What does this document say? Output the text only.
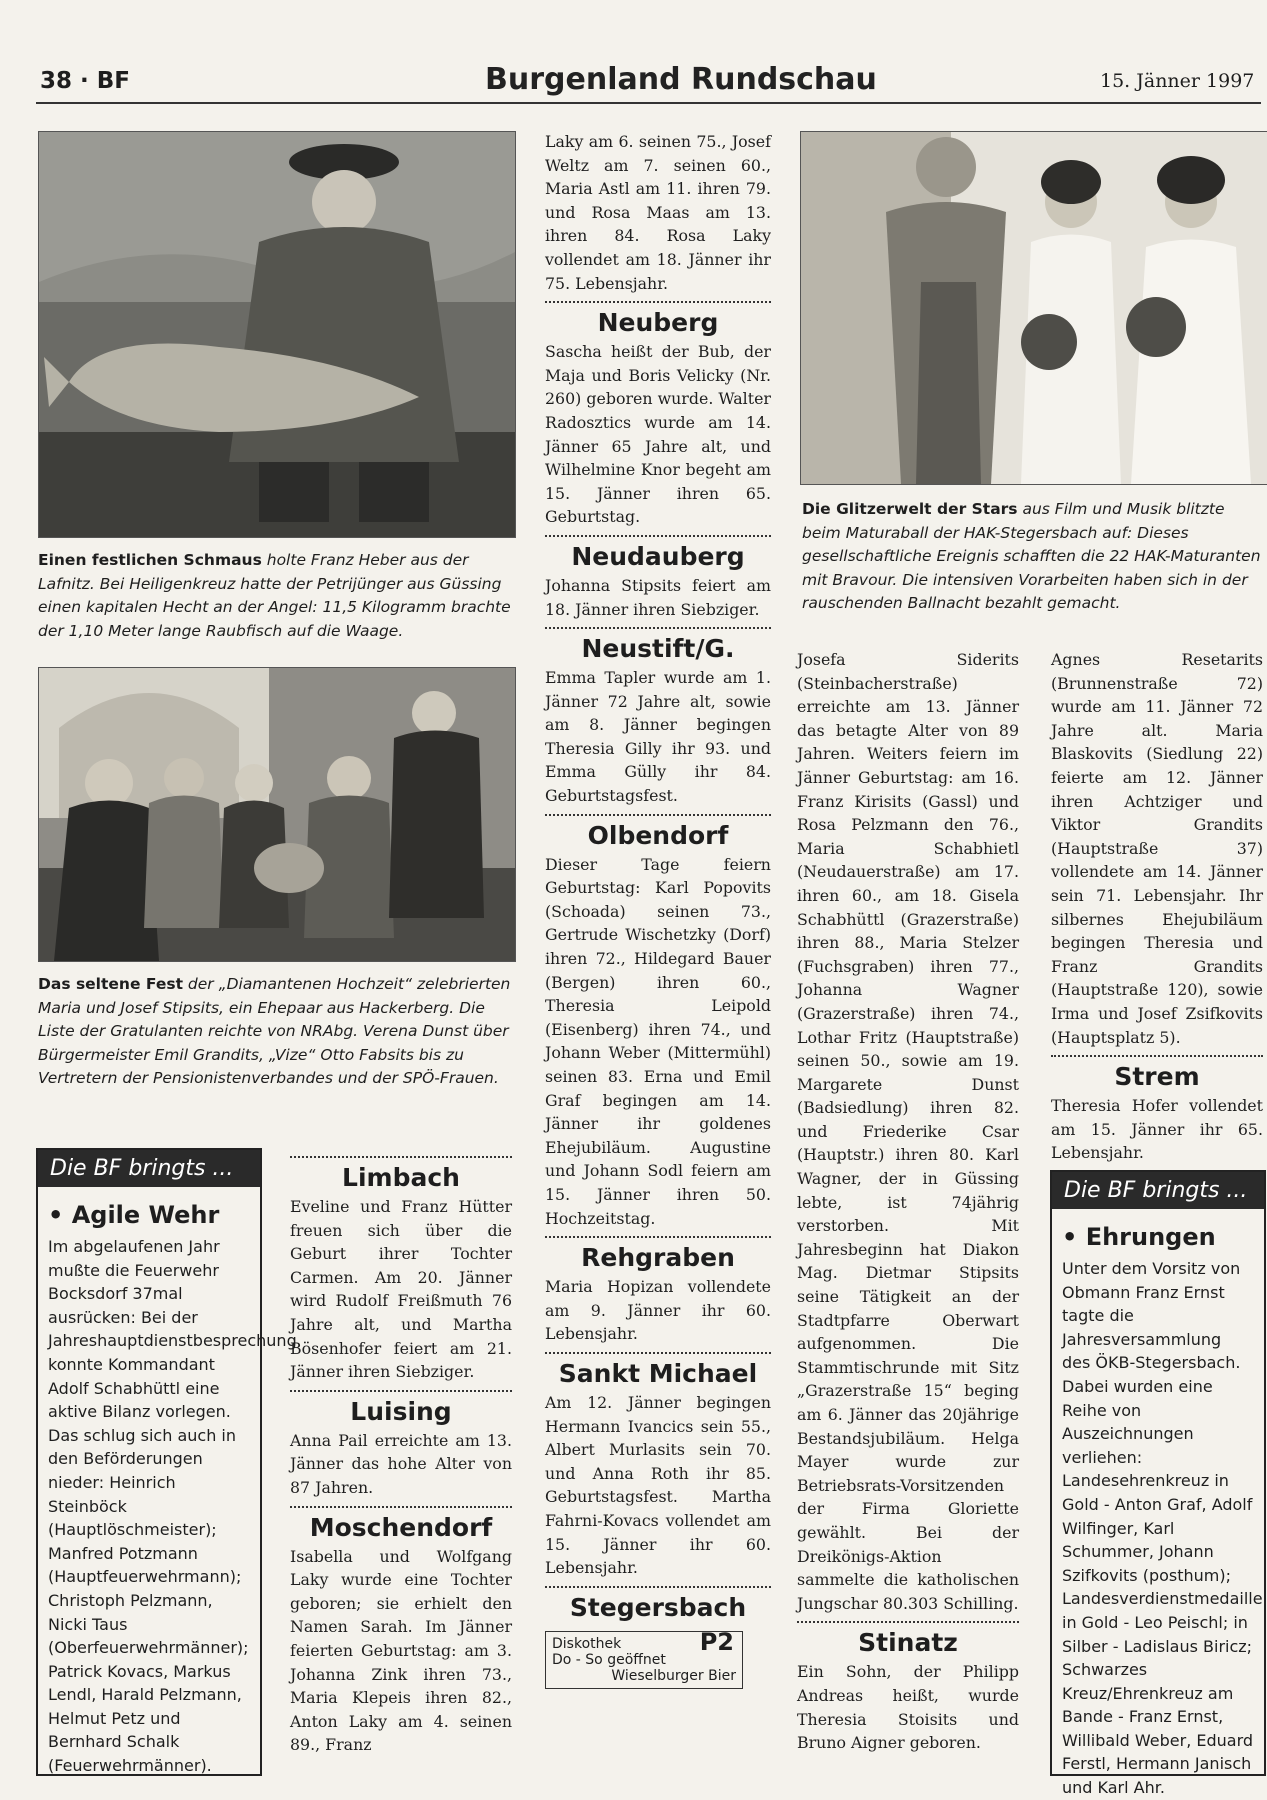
38 · BF	Burgenland Rundschau	15. Jänner 1997
Einen festlichen Schmaus holte Franz Heber aus der Lafnitz. Bei Heiligenkreuz hatte der Petrijünger aus Güssing einen kapitalen Hecht an der Angel: 11,5 Kilogramm brachte der 1,10 Meter lange Raubfisch auf die Waage.
Das seltene Fest der „Diamantenen Hochzeit“ zelebrierten Maria und Josef Stipsits, ein Ehepaar aus Hackerberg. Die Liste der Gratulanten reichte von NRAbg. Verena Dunst über Bürgermeister Emil Grandits, „Vize“ Otto Fabsits bis zu Vertretern der Pensionistenverbandes und der SPÖ-Frauen.
Die Glitzerwelt der Stars aus Film und Musik blitzte beim Maturaball der HAK-Stegersbach auf: Dieses gesellschaftliche Ereignis schafften die 22 HAK-Maturanten mit Bravour. Die intensiven Vorarbeiten haben sich in der rauschenden Ballnacht bezahlt gemacht.
Die BF bringts ...
• Agile Wehr
Im abgelaufenen Jahr mußte die Feuerwehr Bocksdorf 37mal ausrücken: Bei der Jahreshauptdienstbesprechung konnte Kommandant Adolf Schabhüttl eine aktive Bilanz vorlegen. Das schlug sich auch in den Beförderungen nieder: Heinrich Steinböck (Hauptlöschmeister); Manfred Potzmann (Hauptfeuerwehrmann); Christoph Pelzmann, Nicki Taus (Oberfeuerwehrmänner); Patrick Kovacs, Markus Lendl, Harald Pelzmann, Helmut Petz und Bernhard Schalk (Feuerwehrmänner).
Limbach

Eveline und Franz Hütter freuen sich über die Geburt ihrer Tochter Carmen. Am 20. Jänner wird Rudolf Freißmuth 76 Jahre alt, und Martha Bösenhofer feiert am 21. Jänner ihren Siebziger.

Luising

Anna Pail erreichte am 13. Jänner das hohe Alter von 87 Jahren.

Moschendorf

Isabella und Wolfgang Laky wurde eine Tochter geboren; sie erhielt den Namen Sarah. Im Jänner feierten Geburtstag: am 3. Johanna Zink ihren 73., Maria Klepeis ihren 82., Anton Laky am 4. seinen 89., Franz

Laky am 6. seinen 75., Josef Weltz am 7. seinen 60., Maria Astl am 11. ihren 79. und Rosa Maas am 13. ihren 84. Rosa Laky vollendet am 18. Jänner ihr 75. Lebensjahr.

Neuberg

Sascha heißt der Bub, der Maja und Boris Velicky (Nr. 260) geboren wurde. Walter Radosztics wurde am 14. Jänner 65 Jahre alt, und Wilhelmine Knor begeht am 15. Jänner ihren 65. Geburtstag.

Neudauberg

Johanna Stipsits feiert am 18. Jänner ihren Siebziger.

Neustift/G.

Emma Tapler wurde am 1. Jänner 72 Jahre alt, sowie am 8. Jänner begingen Theresia Gilly ihr 93. und Emma Gülly ihr 84. Geburtstagsfest.

Olbendorf

Dieser Tage feiern Geburtstag: Karl Popovits (Schoada) seinen 73., Gertrude Wischetzky (Dorf) ihren 72., Hildegard Bauer (Bergen) ihren 60., Theresia Leipold (Eisenberg) ihren 74., und Johann Weber (Mittermühl) seinen 83. Erna und Emil Graf begingen am 14. Jänner ihr goldenes Ehejubiläum. Augustine und Johann Sodl feiern am 15. Jänner ihren 50. Hochzeitstag.

Rehgraben

Maria Hopizan vollendete am 9. Jänner ihr 60. Lebensjahr.

Sankt Michael

Am 12. Jänner begingen Hermann Ivancics sein 55., Albert Murlasits sein 70. und Anna Roth ihr 85. Geburtstagsfest. Martha Fahrni-Kovacs vollendet am 15. Jänner ihr 60. Lebensjahr.

Stegersbach
Diskothek
Do - So geöffnet
Wieselburger Bier
P2

Josefa Siderits (Steinbacherstraße) erreichte am 13. Jänner das betagte Alter von 89 Jahren. Weiters feiern im Jänner Geburtstag: am 16. Franz Kirisits (Gassl) und Rosa Pelzmann den 76., Maria Schabhietl (Neudauerstraße) am 17. ihren 60., am 18. Gisela Schabhüttl (Grazerstraße) ihren 88., Maria Stelzer (Fuchsgraben) ihren 77., Johanna Wagner (Grazerstraße) ihren 74., Lothar Fritz (Hauptstraße) seinen 50., sowie am 19. Margarete Dunst (Badsiedlung) ihren 82. und Friederike Csar (Hauptstr.) ihren 80. Karl Wagner, der in Güssing lebte, ist 74jährig verstorben. Mit Jahresbeginn hat Diakon Mag. Dietmar Stipsits seine Tätigkeit an der Stadtpfarre Oberwart aufgenommen. Die Stammtischrunde mit Sitz „Grazerstraße 15“ beging am 6. Jänner das 20jährige Bestandsjubiläum. Helga Mayer wurde zur Betriebsrats-Vorsitzenden der Firma Gloriette gewählt. Bei der Dreikönigs-Aktion sammelte die katholischen Jungschar 80.303 Schilling.

Stinatz

Ein Sohn, der Philipp Andreas heißt, wurde Theresia Stoisits und Bruno Aigner geboren.

Agnes Resetarits (Brunnenstraße 72) wurde am 11. Jänner 72 Jahre alt. Maria Blaskovits (Siedlung 22) feierte am 12. Jänner ihren Achtziger und Viktor Grandits (Hauptstraße 37) vollendete am 14. Jänner sein 71. Lebensjahr. Ihr silbernes Ehejubiläum begingen Theresia und Franz Grandits (Hauptstraße 120), sowie Irma und Josef Zsifkovits (Hauptsplatz 5).

Strem

Theresia Hofer vollendet am 15. Jänner ihr 65. Lebensjahr.

Die BF bringts ...
• Ehrungen
Unter dem Vorsitz von Obmann Franz Ernst tagte die Jahresversammlung des ÖKB-Stegersbach. Dabei wurden eine Reihe von Auszeichnungen verliehen: Landesehrenkreuz in Gold - Anton Graf, Adolf Wilfinger, Karl Schummer, Johann Szifkovits (posthum); Landesverdienstmedaille in Gold - Leo Peischl; in Silber - Ladislaus Biricz; Schwarzes Kreuz/Ehrenkreuz am Bande - Franz Ernst, Willibald Weber, Eduard Ferstl, Hermann Janisch und Karl Ahr.
